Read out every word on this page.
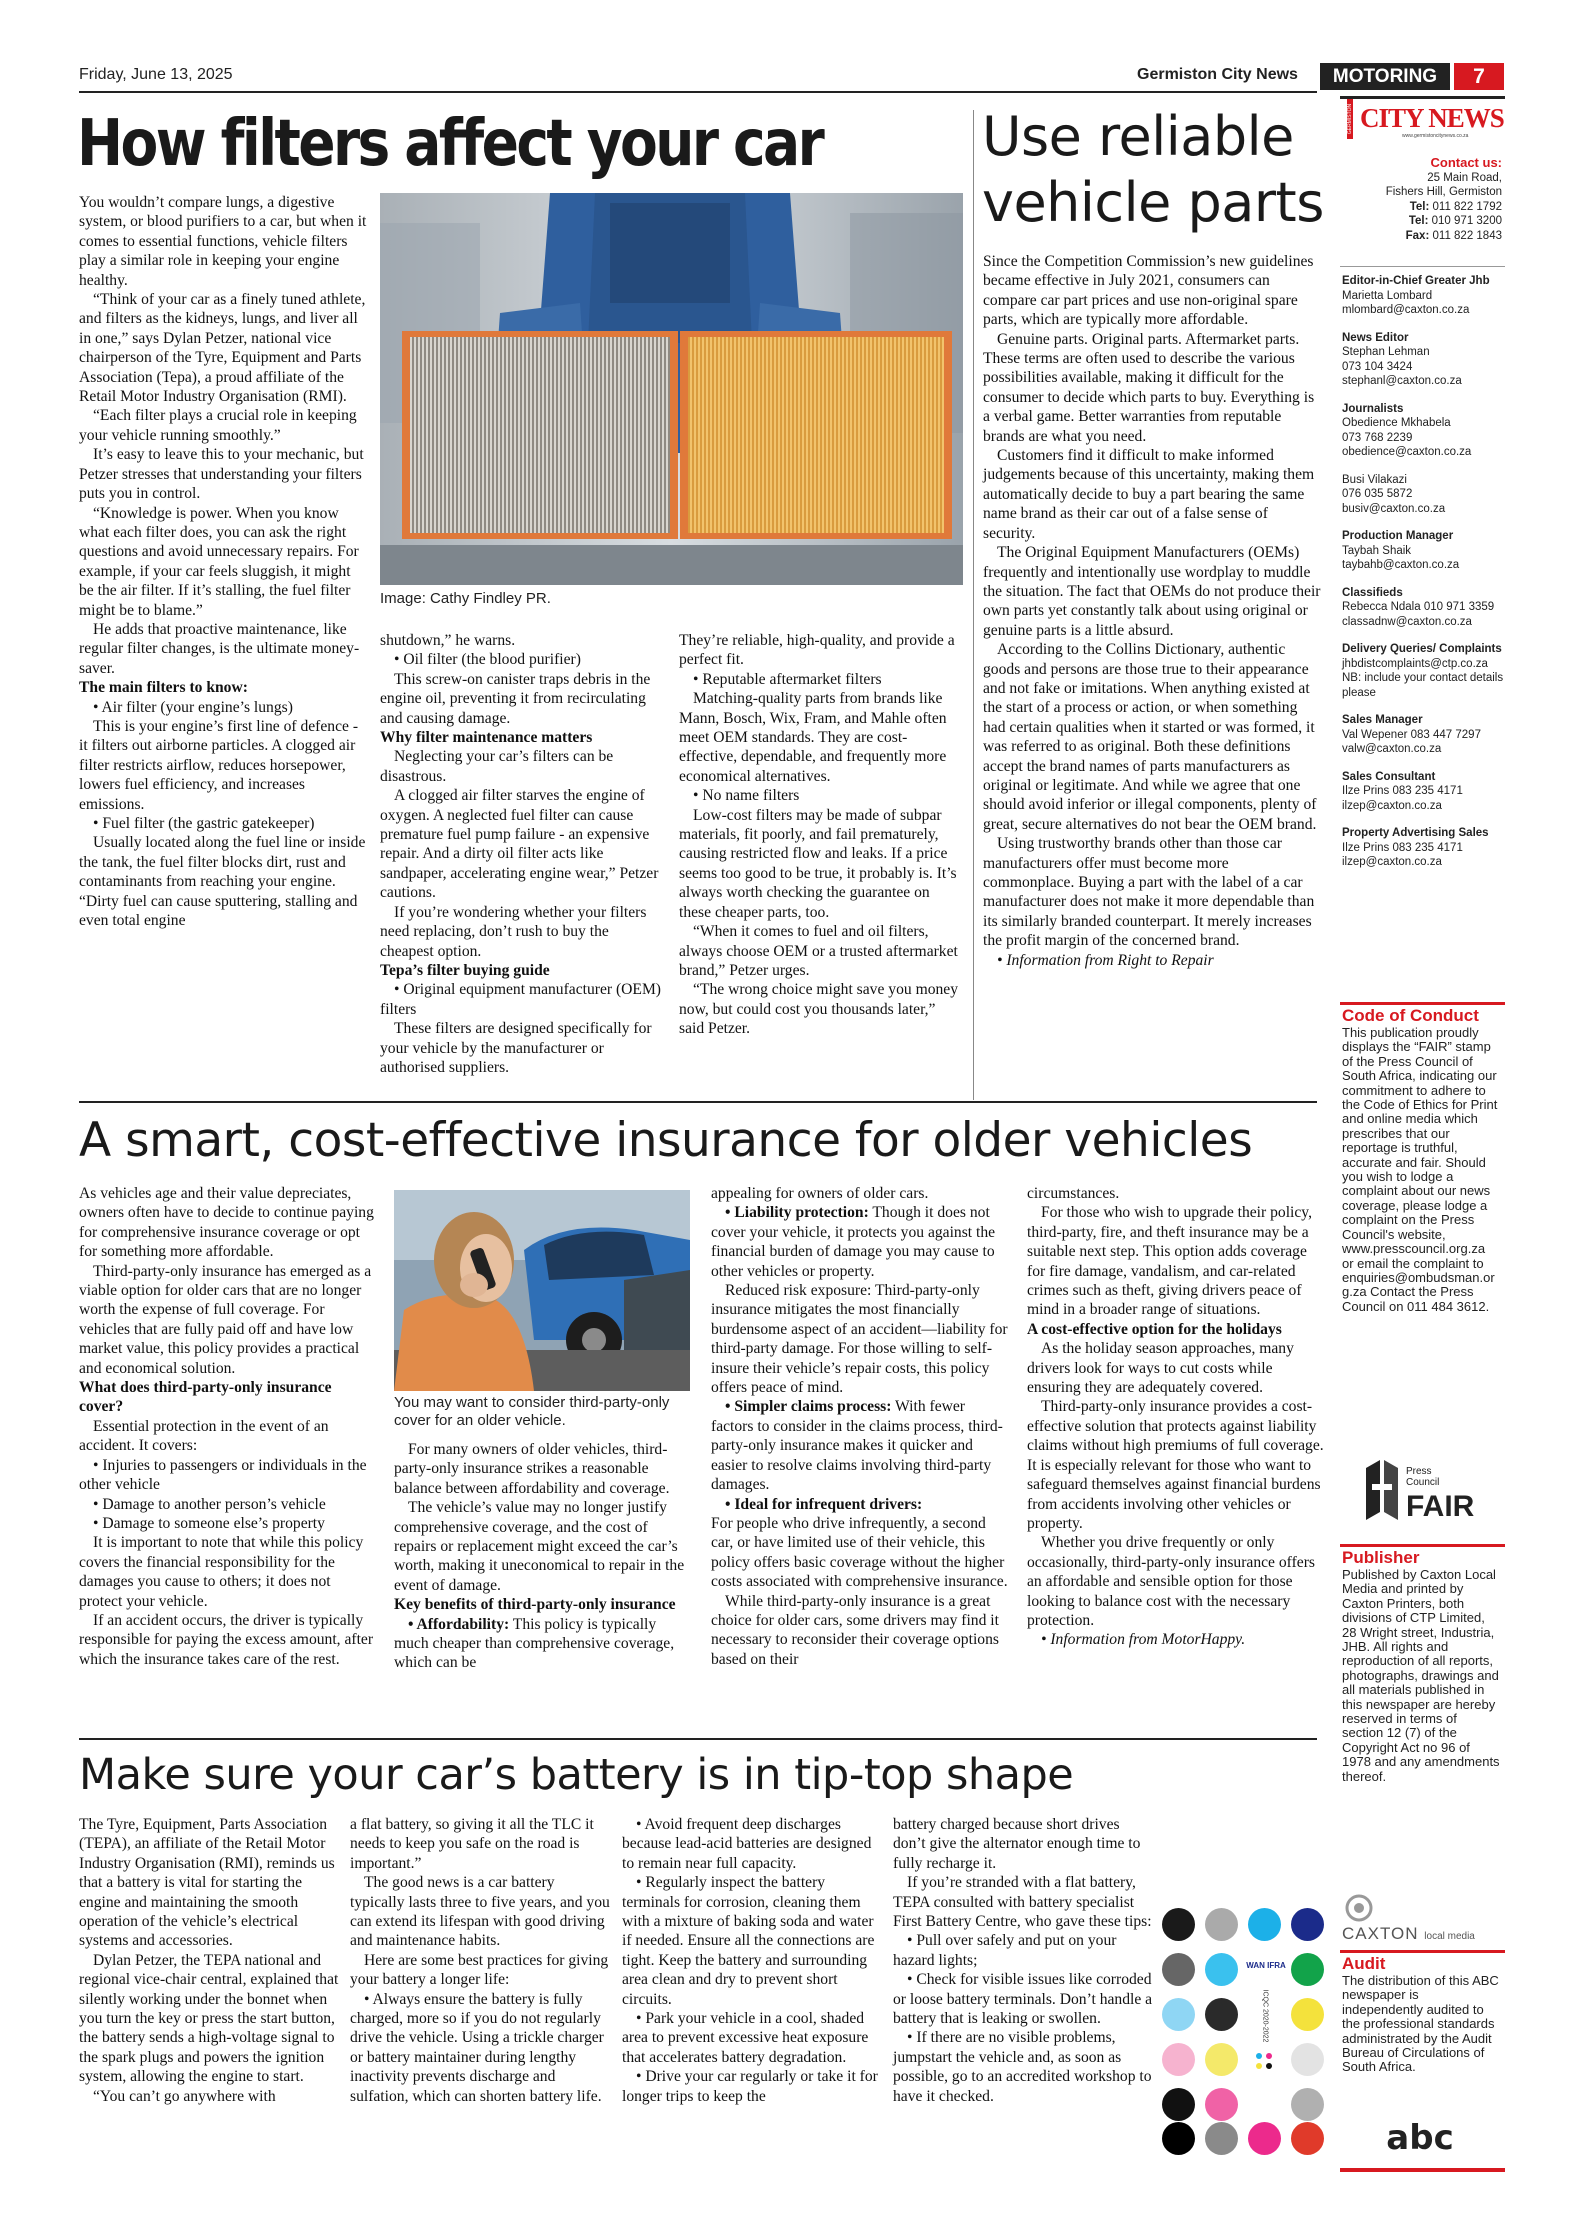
Friday, June 13, 2025	Germiston City News	MOTORING	7
How filters affect your car
Image: Cathy Findley PR.

You wouldn’t compare lungs, a digestive system, or blood purifiers to a car, but when it comes to essential functions, vehicle filters play a similar role in keeping your engine healthy.

“Think of your car as a finely tuned athlete, and filters as the kidneys, lungs, and liver all in one,” says Dylan Petzer, national vice chairperson of the Tyre, Equipment and Parts Association (Tepa), a proud affiliate of the Retail Motor Industry Organisation (RMI).

“Each filter plays a crucial role in keeping your vehicle running smoothly.”

It’s easy to leave this to your mechanic, but Petzer stresses that understanding your filters puts you in control.

“Knowledge is power. When you know what each filter does, you can ask the right questions and avoid unnecessary repairs. For example, if your car feels sluggish, it might be the air filter. If it’s stalling, the fuel filter might be to blame.”

He adds that proactive maintenance, like regular filter changes, is the ultimate money-saver.

The main filters to know:

• Air filter (your engine’s lungs)

This is your engine’s first line of defence - it filters out airborne particles. A clogged air filter restricts airflow, reduces horsepower, lowers fuel efficiency, and increases emissions.

• Fuel filter (the gastric gatekeeper)

Usually located along the fuel line or inside the tank, the fuel filter blocks dirt, rust and contaminants from reaching your engine.

“Dirty fuel can cause sputtering, stalling and even total engine

shutdown,” he warns.

• Oil filter (the blood purifier)

This screw-on canister traps debris in the engine oil, preventing it from recirculating and causing damage.

Why filter maintenance matters

Neglecting your car’s filters can be disastrous.

A clogged air filter starves the engine of oxygen. A neglected fuel filter can cause premature fuel pump failure - an expensive repair. And a dirty oil filter acts like sandpaper, accelerating engine wear,” Petzer cautions.

If you’re wondering whether your filters need replacing, don’t rush to buy the cheapest option.

Tepa’s filter buying guide

• Original equipment manufacturer (OEM) filters

These filters are designed specifically for your vehicle by the manufacturer or authorised suppliers.

They’re reliable, high-quality, and provide a perfect fit.

• Reputable aftermarket filters

Matching-quality parts from brands like Mann, Bosch, Wix, Fram, and Mahle often meet OEM standards. They are cost-effective, dependable, and frequently more economical alternatives.

• No name filters

Low-cost filters may be made of subpar materials, fit poorly, and fail prematurely, causing restricted flow and leaks. If a price seems too good to be true, it probably is. It’s always worth checking the guarantee on these cheaper parts, too.

“When it comes to fuel and oil filters, always choose OEM or a trusted aftermarket brand,” Petzer urges.

“The wrong choice might save you money now, but could cost you thousands later,” said Petzer.

Use reliable
vehicle parts

Since the Competition Commission’s new guidelines became effective in July 2021, consumers can compare car part prices and use non-original spare parts, which are typically more affordable.

Genuine parts. Original parts. Aftermarket parts. These terms are often used to describe the various possibilities available, making it difficult for the consumer to decide which parts to buy. Everything is a verbal game. Better warranties from reputable brands are what you need.

Customers find it difficult to make informed judgements because of this uncertainty, making them automatically decide to buy a part bearing the same name brand as their car out of a false sense of security.

The Original Equipment Manufacturers (OEMs) frequently and intentionally use wordplay to muddle the situation. The fact that OEMs do not produce their own parts yet constantly talk about using original or genuine parts is a little absurd.

According to the Collins Dictionary, authentic goods and persons are those true to their appearance and not fake or imitations. When anything existed at the start of a process or action, or when something had certain qualities when it started or was formed, it was referred to as original. Both these definitions accept the brand names of parts manufacturers as original or legitimate. And while we agree that one should avoid inferior or illegal components, plenty of great, secure alternatives do not bear the OEM brand.

Using trustworthy brands other than those car manufacturers offer must become more commonplace. Buying a part with the label of a car manufacturer does not make it more dependable than its similarly branded counterpart. It merely increases the profit margin of the concerned brand.

• Information from Right to Repair

A smart, cost-effective insurance for older vehicles
You may want to consider third-party-only cover for an older vehicle.

As vehicles age and their value depreciates, owners often have to decide to continue paying for comprehensive insurance coverage or opt for something more affordable.

Third-party-only insurance has emerged as a viable option for older cars that are no longer worth the expense of full coverage. For vehicles that are fully paid off and have low market value, this policy provides a practical and economical solution.

What does third-party-only insurance cover?

Essential protection in the event of an accident. It covers:

• Injuries to passengers or individuals in the other vehicle

• Damage to another person’s vehicle

• Damage to someone else’s property

It is important to note that while this policy covers the financial responsibility for the damages you cause to others; it does not protect your vehicle.

If an accident occurs, the driver is typically responsible for paying the excess amount, after which the insurance takes care of the rest.

For many owners of older vehicles, third-party-only insurance strikes a reasonable balance between affordability and coverage.

The vehicle’s value may no longer justify comprehensive coverage, and the cost of repairs or replacement might exceed the car’s worth, making it uneconomical to repair in the event of damage.

Key benefits of third-party-only insurance

• Affordability: This policy is typically much cheaper than comprehensive coverage, which can be

appealing for owners of older cars.

• Liability protection: Though it does not cover your vehicle, it protects you against the financial burden of damage you may cause to other vehicles or property.

Reduced risk exposure: Third-party-only insurance mitigates the most financially burdensome aspect of an accident—liability for third-party damage. For those willing to self-insure their vehicle’s repair costs, this policy offers peace of mind.

• Simpler claims process: With fewer factors to consider in the claims process, third-party-only insurance makes it quicker and easier to resolve claims involving third-party damages.

• Ideal for infrequent drivers:

For people who drive infrequently, a second car, or have limited use of their vehicle, this policy offers basic coverage without the higher costs associated with comprehensive insurance.

While third-party-only insurance is a great choice for older cars, some drivers may find it necessary to reconsider their coverage options based on their

circumstances.

For those who wish to upgrade their policy, third-party, fire, and theft insurance may be a suitable next step. This option adds coverage for fire damage, vandalism, and car-related crimes such as theft, giving drivers peace of mind in a broader range of situations.

A cost-effective option for the holidays

As the holiday season approaches, many drivers look for ways to cut costs while ensuring they are adequately covered.

Third-party-only insurance provides a cost-effective solution that protects against liability claims without high premiums of full coverage. It is especially relevant for those who want to safeguard themselves against financial burdens from accidents involving other vehicles or property.

Whether you drive frequently or only occasionally, third-party-only insurance offers an affordable and sensible option for those looking to balance cost with the necessary protection.

• Information from MotorHappy.

Make sure your car’s battery is in tip-top shape

The Tyre, Equipment, Parts Association (TEPA), an affiliate of the Retail Motor Industry Organisation (RMI), reminds us that a battery is vital for starting the engine and maintaining the smooth operation of the vehicle’s electrical systems and accessories.

Dylan Petzer, the TEPA national and regional vice-chair central, explained that silently working under the bonnet when you turn the key or press the start button, the battery sends a high-voltage signal to the spark plugs and powers the ignition system, allowing the engine to start.

“You can’t go anywhere with

a flat battery, so giving it all the TLC it needs to keep you safe on the road is important.”

The good news is a car battery typically lasts three to five years, and you can extend its lifespan with good driving and maintenance habits.

Here are some best practices for giving your battery a longer life:

• Always ensure the battery is fully charged, more so if you do not regularly drive the vehicle. Using a trickle charger or battery maintainer during lengthy inactivity prevents discharge and sulfation, which can shorten battery life.

• Avoid frequent deep discharges because lead-acid batteries are designed to remain near full capacity.

• Regularly inspect the battery terminals for corrosion, cleaning them with a mixture of baking soda and water if needed. Ensure all the connections are tight. Keep the battery and surrounding area clean and dry to prevent short circuits.

• Park your vehicle in a cool, shaded area to prevent excessive heat exposure that accelerates battery degradation.

• Drive your car regularly or take it for longer trips to keep the

battery charged because short drives don’t give the alternator enough time to fully recharge it.

If you’re stranded with a flat battery, TEPA consulted with battery specialist First Battery Centre, who gave these tips:

• Pull over safely and put on your hazard lights;

• Check for visible issues like corroded or loose battery terminals. Don’t handle a battery that is leaking or swollen.

• If there are no visible problems, jumpstart the vehicle and, as soon as possible, go to an accredited workshop to have it checked.

WAN IFRA
ICQC 2020-2022
GERMISTON CITY NEWS
www.germistoncitynews.co.za
Contact us:
25 Main Road,
Fishers Hill, Germiston
Tel: 011 822 1792
Tel: 010 971 3200
Fax: 011 822 1843
Editor-in-Chief Greater Jhb
Marietta Lombard
mlombard@caxton.co.za
News Editor
Stephan Lehman
073 104 3424
stephanl@caxton.co.za
Journalists
Obedience Mkhabela
073 768 2239
obedience@caxton.co.za
Busi Vilakazi
076 035 5872
busiv@caxton.co.za
Production Manager
Taybah Shaik
taybahb@caxton.co.za
Classifieds
Rebecca Ndala 010 971 3359
classadnw@caxton.co.za
Delivery Queries/ Complaints
jhbdistcomplaints@ctp.co.za
NB: include your contact details please
Sales Manager
Val Wepener 083 447 7297
valw@caxton.co.za
Sales Consultant
Ilze Prins 083 235 4171
ilzep@caxton.co.za
Property Advertising Sales
Ilze Prins 083 235 4171
ilzep@caxton.co.za
Code of Conduct
This publication proudly displays the “FAIR” stamp of the Press Council of South Africa, indicating our commitment to adhere to the Code of Ethics for Print and online media which prescribes that our reportage is truthful, accurate and fair. Should you wish to lodge a complaint about our news coverage, please lodge a complaint on the Press Council's website, www.presscouncil.org.za or email the complaint to enquiries@ombudsman.org.za Contact the Press Council on 011 484 3612.
Press Council
FAIR
Publisher
Published by Caxton Local Media and printed by Caxton Printers, both divisions of CTP Limited, 28 Wright street, Industria, JHB. All rights and reproduction of all reports, photographs, drawings and all materials published in this newspaper are hereby reserved in terms of section 12 (7) of the Copyright Act no 96 of 1978 and any amendments thereof.
CAXTON local media
Audit
The distribution of this ABC newspaper is independently audited to the professional standards administrated by the Audit Bureau of Circulations of South Africa.
abc
